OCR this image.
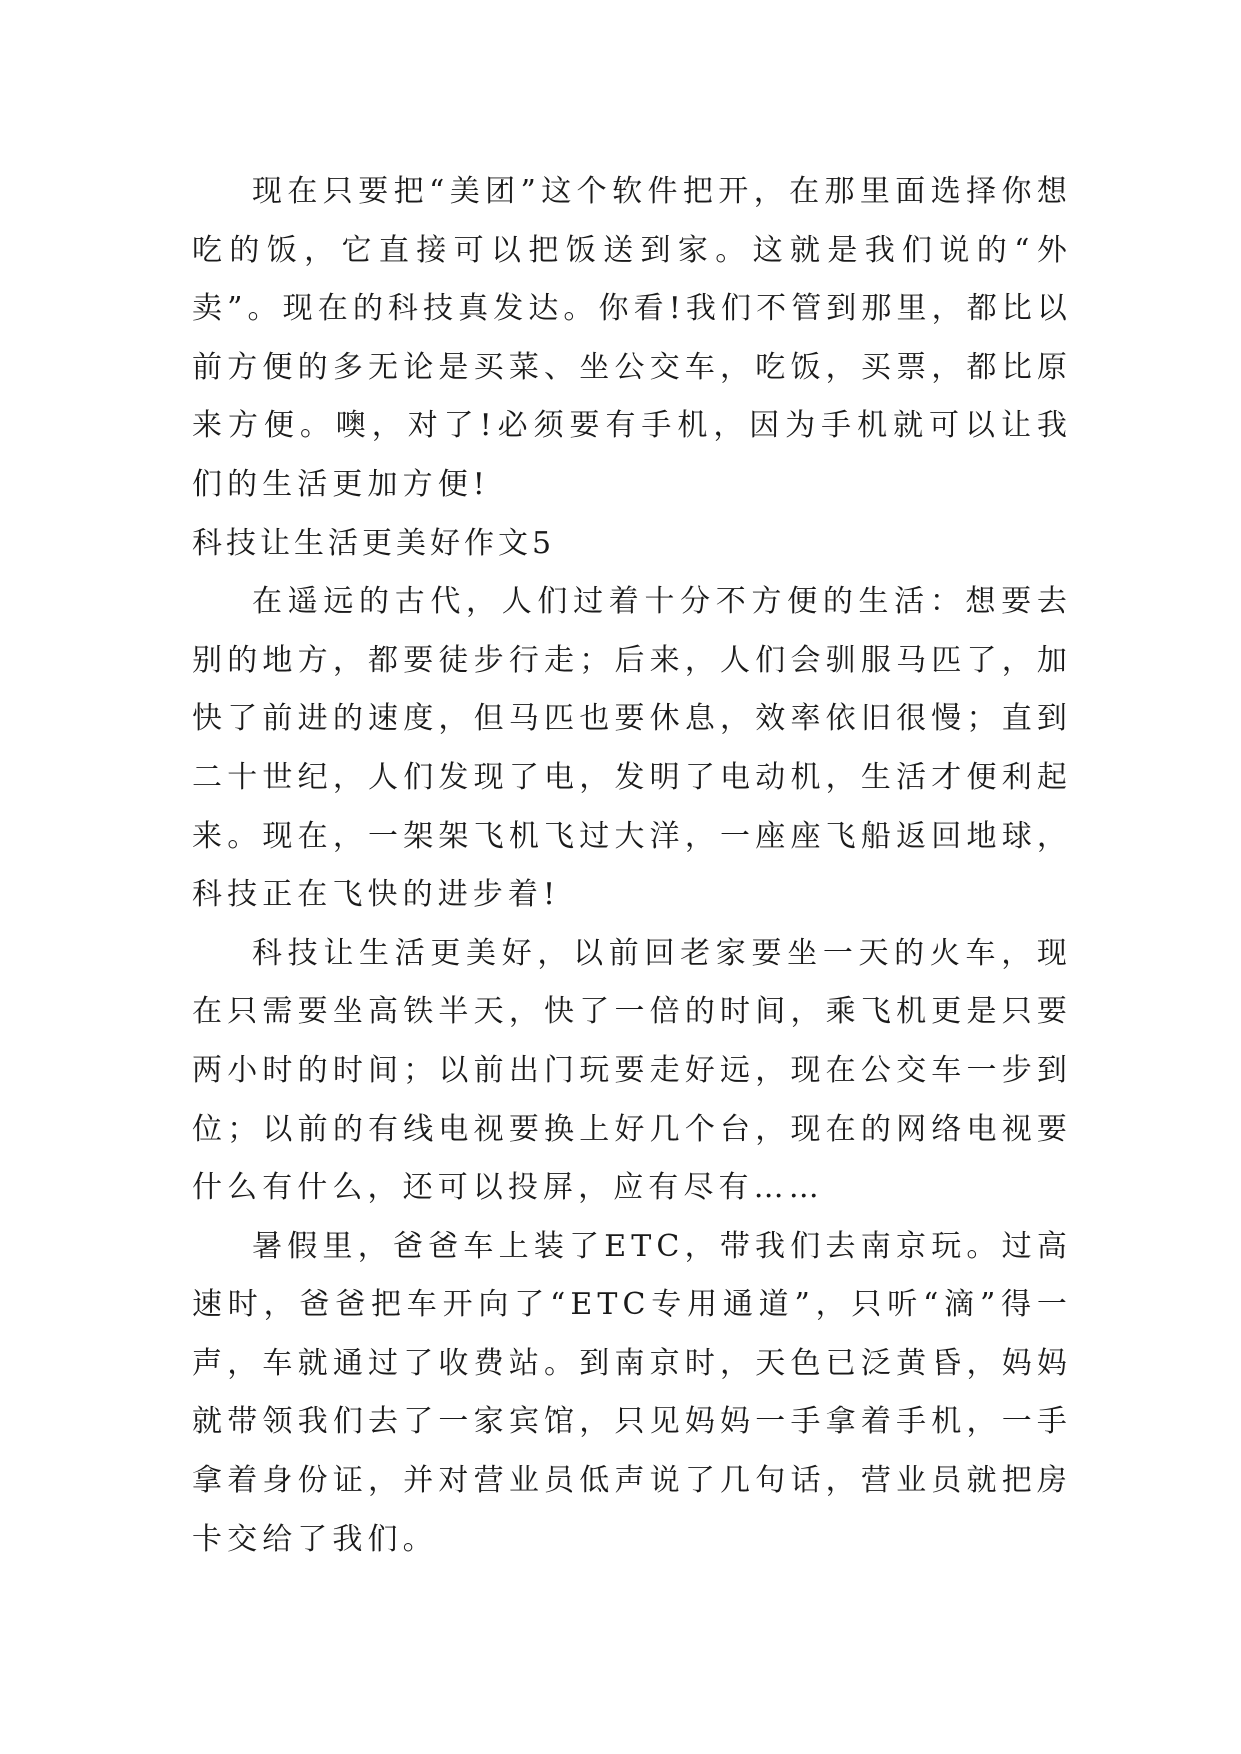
现在只要把“美团”这个软件把开，在那里面选择你想吃的饭，它直接可以把饭送到家。这就是我们说的“外卖”。现在的科技真发达。你看!我们不管到那里，都比以前方便的多无论是买菜、坐公交车，吃饭，买票，都比原来方便。噢，对了!必须要有手机，因为手机就可以让我们的生活更加方便!

科技让生活更美好作文5

在遥远的古代，人们过着十分不方便的生活：想要去别的地方，都要徒步行走；后来，人们会驯服马匹了，加快了前进的速度，但马匹也要休息，效率依旧很慢；直到二十世纪，人们发现了电，发明了电动机，生活才便利起来。现在，一架架飞机飞过大洋，一座座飞船返回地球，科技正在飞快的进步着!

科技让生活更美好，以前回老家要坐一天的火车，现在只需要坐高铁半天，快了一倍的时间，乘飞机更是只要两小时的时间；以前出门玩要走好远，现在公交车一步到位；以前的有线电视要换上好几个台，现在的网络电视要什么有什么，还可以投屏，应有尽有……

暑假里，爸爸车上装了ETC，带我们去南京玩。过高速时，爸爸把车开向了“ETC专用通道”，只听“滴”得一声，车就通过了收费站。到南京时，天色已泛黄昏，妈妈就带领我们去了一家宾馆，只见妈妈一手拿着手机，一手拿着身份证，并对营业员低声说了几句话，营业员就把房卡交给了我们。
